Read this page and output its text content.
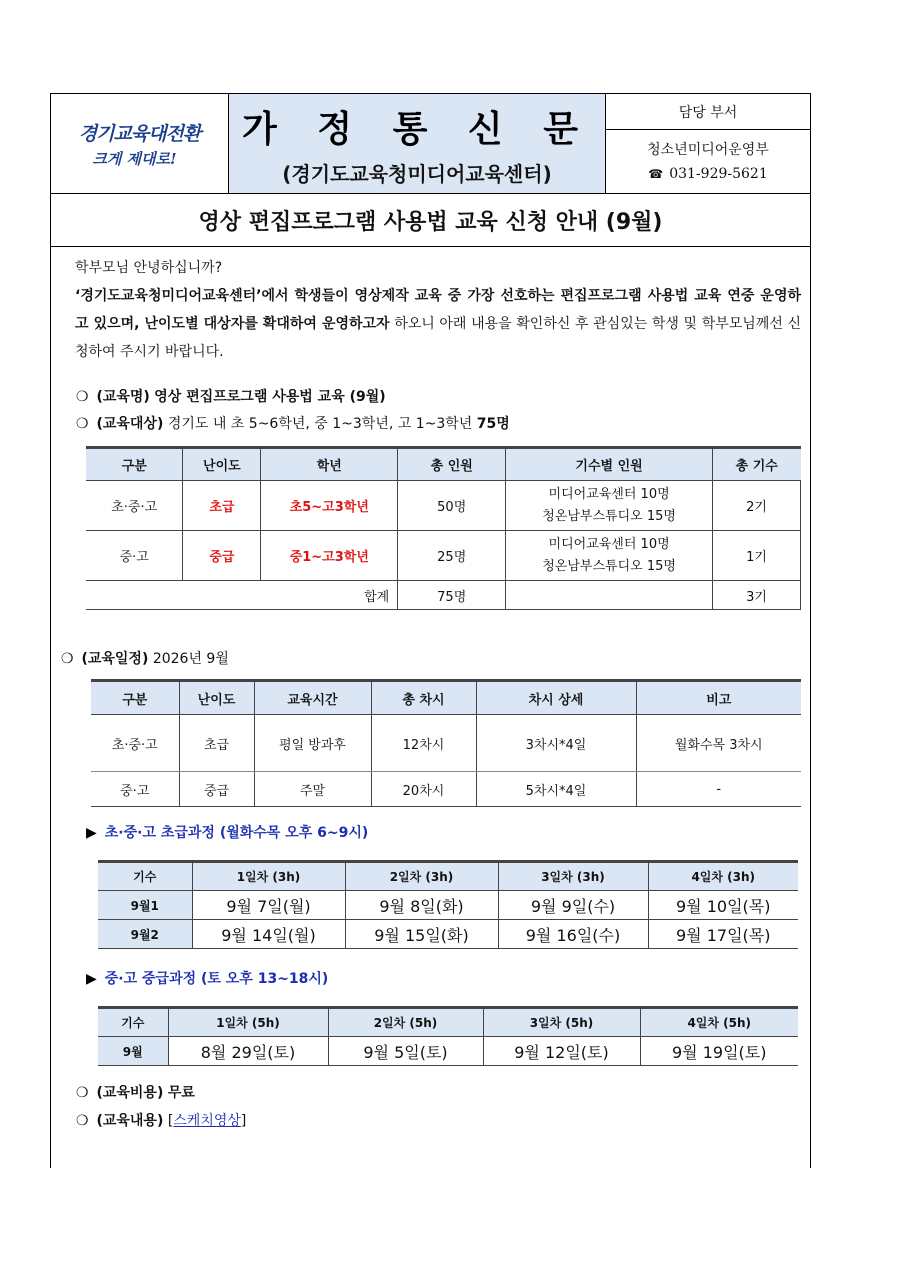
경기교육대전환
크게 제대로!
가 정 통 신 문
(경기도교육청미디어교육센터)
담당 부서
청소년미디어운영부
☎ 031-929-5621
영상 편집프로그램 사용법 교육 신청 안내 (9월)

학부모님 안녕하십니까?

‘경기도교육청미디어교육센터’에서 학생들이 영상제작 교육 중 가장 선호하는 편집프로그램 사용법 교육 연중 운영하고 있으며, 난이도별 대상자를 확대하여 운영하고자 하오니 아래 내용을 확인하신 후 관심있는 학생 및 학부모님께선 신청하여 주시기 바랍니다.

❍ (교육명) 영상 편집프로그램 사용법 교육 (9월)
❍ (교육대상) 경기도 내 초 5~6학년, 중 1~3학년, 고 1~3학년 75명
구분	난이도	학년	총 인원	기수별 인원	총 기수
초·중·고	초급	초5~고3학년	50명	미디어교육센터 10명
청온남부스튜디오 15명	2기
중·고	중급	중1~고3학년	25명	미디어교육센터 10명
청온남부스튜디오 15명	1기
합계			75명		3기
❍ (교육일정) 2026년 9월
구분	난이도	교육시간	총 차시	차시 상세	비고
초·중·고	초급	평일 방과후	12차시	3차시*4일	월화수목 3차시
중·고	중급	주말	20차시	5차시*4일	-
▶ 초·중·고 초급과정 (월화수목 오후 6~9시)
기수	1일차 (3h)	2일차 (3h)	3일차 (3h)	4일차 (3h)
9월1	9월 7일(월)	9월 8일(화)	9월 9일(수)	9월 10일(목)
9월2	9월 14일(월)	9월 15일(화)	9월 16일(수)	9월 17일(목)
▶ 중·고 중급과정 (토 오후 13~18시)
기수	1일차 (5h)	2일차 (5h)	3일차 (5h)	4일차 (5h)
9월	8월 29일(토)	9월 5일(토)	9월 12일(토)	9월 19일(토)
❍ (교육비용) 무료
❍ (교육내용) [스케치영상]
